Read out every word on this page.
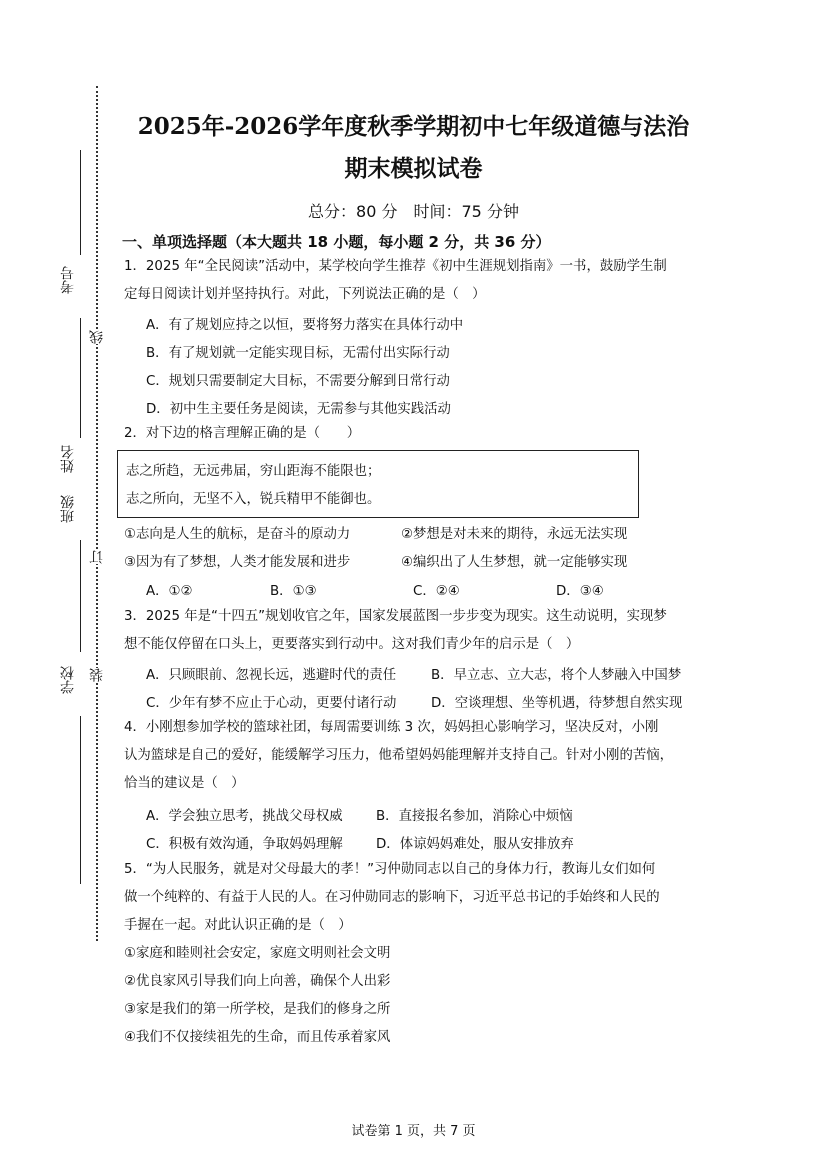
考号
姓名
班级
学校
线
订
装
2025年-2026学年度秋季学期初中七年级道德与法治
期末模拟试卷
总分：80 分　时间：75 分钟
一、单项选择题（本大题共 18 小题，每小题 2 分，共 36 分）
1．2025 年“全民阅读”活动中，某学校向学生推荐《初中生涯规划指南》一书，鼓励学生制
定每日阅读计划并坚持执行。对此，下列说法正确的是（　）
A．有了规划应持之以恒，要将努力落实在具体行动中
B．有了规划就一定能实现目标，无需付出实际行动
C．规划只需要制定大目标，不需要分解到日常行动
D．初中生主要任务是阅读，无需参与其他实践活动
2．对下边的格言理解正确的是（　　）
志之所趋，无远弗届，穷山距海不能限也；
志之所向，无坚不入，锐兵精甲不能御也。
①志向是人生的航标，是奋斗的原动力	②梦想是对未来的期待，永远无法实现
③因为有了梦想，人类才能发展和进步	④编织出了人生梦想，就一定能够实现
A．①②	B．①③	C．②④	D．③④
3．2025 年是“十四五”规划收官之年，国家发展蓝图一步步变为现实。这生动说明，实现梦
想不能仅停留在口头上，更要落实到行动中。这对我们青少年的启示是（　）
A．只顾眼前、忽视长远，逃避时代的责任	B．早立志、立大志，将个人梦融入中国梦
C．少年有梦不应止于心动，更要付诸行动	D．空谈理想、坐等机遇，待梦想自然实现
4．小刚想参加学校的篮球社团，每周需要训练 3 次，妈妈担心影响学习，坚决反对，小刚
认为篮球是自己的爱好，能缓解学习压力，他希望妈妈能理解并支持自己。针对小刚的苦恼，
恰当的建议是（　）
A．学会独立思考，挑战父母权威 B．直接报名参加，消除心中烦恼
C．积极有效沟通，争取妈妈理解 D．体谅妈妈难处，服从安排放弃
5．“为人民服务，就是对父母最大的孝！”习仲勋同志以自己的身体力行，教诲儿女们如何
做一个纯粹的、有益于人民的人。在习仲勋同志的影响下，习近平总书记的手始终和人民的
手握在一起。对此认识正确的是（　）
①家庭和睦则社会安定，家庭文明则社会文明
②优良家风引导我们向上向善，确保个人出彩
③家是我们的第一所学校，是我们的修身之所
④我们不仅接续祖先的生命，而且传承着家风
试卷第 1 页，共 7 页
